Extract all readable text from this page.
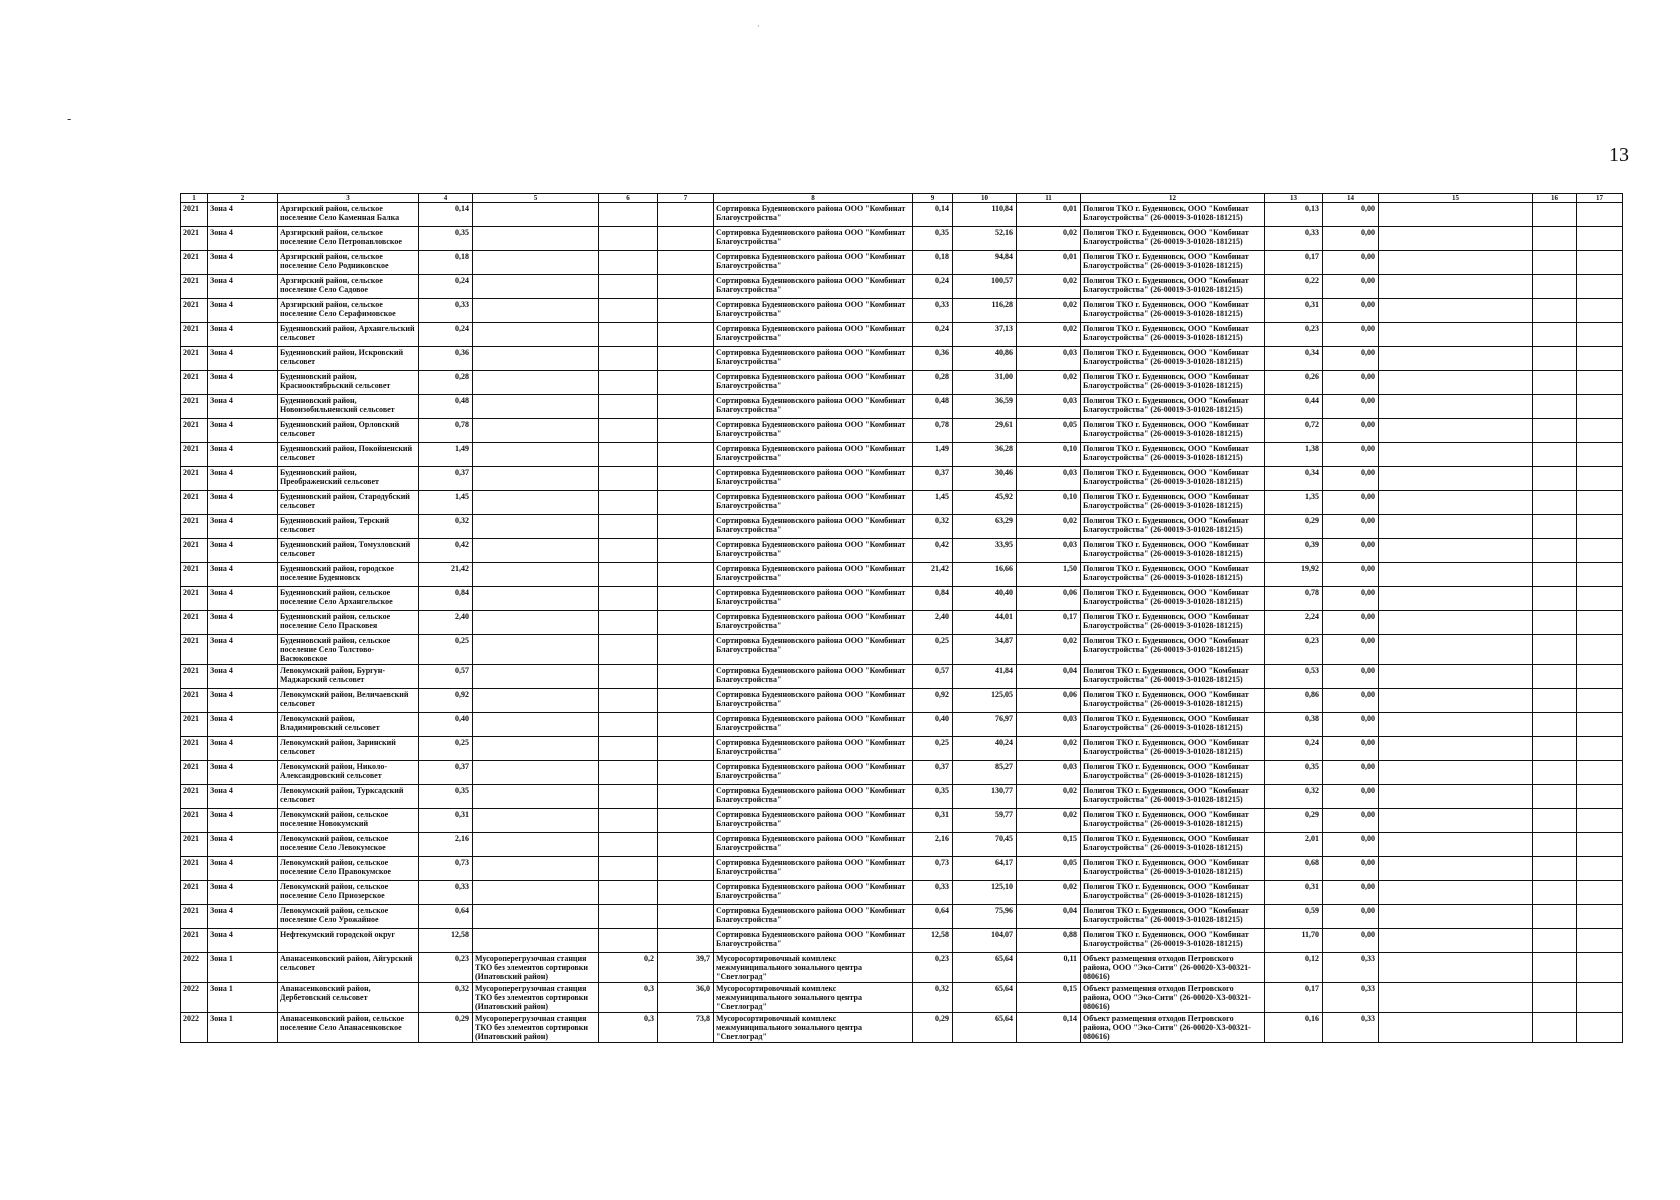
-
·
13
1	2	3	4	5	6	7	8	9	10	11	12	13	14	15	16	17
2021	Зона 4	Арзгирский район, сельское поселение Село Каменная Балка	0,14				Сортировка Буденновского района ООО "Комбинат Благоустройства"	0,14	110,84	0,01	Полигон ТКО г. Буденновск, ООО "Комбинат Благоустройства" (26-00019-З-01028-181215)	0,13	0,00			
2021	Зона 4	Арзгирский район, сельское поселение Село Петропавловское	0,35				Сортировка Буденновского района ООО "Комбинат Благоустройства"	0,35	52,16	0,02	Полигон ТКО г. Буденновск, ООО "Комбинат Благоустройства" (26-00019-З-01028-181215)	0,33	0,00			
2021	Зона 4	Арзгирский район, сельское поселение Село Родниковское	0,18				Сортировка Буденновского района ООО "Комбинат Благоустройства"	0,18	94,84	0,01	Полигон ТКО г. Буденновск, ООО "Комбинат Благоустройства" (26-00019-З-01028-181215)	0,17	0,00			
2021	Зона 4	Арзгирский район, сельское поселение Село Садовое	0,24				Сортировка Буденновского района ООО "Комбинат Благоустройства"	0,24	100,57	0,02	Полигон ТКО г. Буденновск, ООО "Комбинат Благоустройства" (26-00019-З-01028-181215)	0,22	0,00			
2021	Зона 4	Арзгирский район, сельское поселение Село Серафимовское	0,33				Сортировка Буденновского района ООО "Комбинат Благоустройства"	0,33	116,28	0,02	Полигон ТКО г. Буденновск, ООО "Комбинат Благоустройства" (26-00019-З-01028-181215)	0,31	0,00			
2021	Зона 4	Буденновский район, Архангельский сельсовет	0,24				Сортировка Буденновского района ООО "Комбинат Благоустройства"	0,24	37,13	0,02	Полигон ТКО г. Буденновск, ООО "Комбинат Благоустройства" (26-00019-З-01028-181215)	0,23	0,00			
2021	Зона 4	Буденновский район, Искровский сельсовет	0,36				Сортировка Буденновского района ООО "Комбинат Благоустройства"	0,36	40,86	0,03	Полигон ТКО г. Буденновск, ООО "Комбинат Благоустройства" (26-00019-З-01028-181215)	0,34	0,00			
2021	Зона 4	Буденновский район, Красноoктябрьский сельсовет	0,28				Сортировка Буденновского района ООО "Комбинат Благоустройства"	0,28	31,00	0,02	Полигон ТКО г. Буденновск, ООО "Комбинат Благоустройства" (26-00019-З-01028-181215)	0,26	0,00			
2021	Зона 4	Буденновский район, Новоизобильненский сельсовет	0,48				Сортировка Буденновского района ООО "Комбинат Благоустройства"	0,48	36,59	0,03	Полигон ТКО г. Буденновск, ООО "Комбинат Благоустройства" (26-00019-З-01028-181215)	0,44	0,00			
2021	Зона 4	Буденновский район, Орловский сельсовет	0,78				Сортировка Буденновского района ООО "Комбинат Благоустройства"	0,78	29,61	0,05	Полигон ТКО г. Буденновск, ООО "Комбинат Благоустройства" (26-00019-З-01028-181215)	0,72	0,00			
2021	Зона 4	Буденновский район, Покойненский сельсовет	1,49				Сортировка Буденновского района ООО "Комбинат Благоустройства"	1,49	36,28	0,10	Полигон ТКО г. Буденновск, ООО "Комбинат Благоустройства" (26-00019-З-01028-181215)	1,38	0,00			
2021	Зона 4	Буденновский район, Преображенский сельсовет	0,37				Сортировка Буденновского района ООО "Комбинат Благоустройства"	0,37	30,46	0,03	Полигон ТКО г. Буденновск, ООО "Комбинат Благоустройства" (26-00019-З-01028-181215)	0,34	0,00			
2021	Зона 4	Буденновский район, Стародубский сельсовет	1,45				Сортировка Буденновского района ООО "Комбинат Благоустройства"	1,45	45,92	0,10	Полигон ТКО г. Буденновск, ООО "Комбинат Благоустройства" (26-00019-З-01028-181215)	1,35	0,00			
2021	Зона 4	Буденновский район, Терский сельсовет	0,32				Сортировка Буденновского района ООО "Комбинат Благоустройства"	0,32	63,29	0,02	Полигон ТКО г. Буденновск, ООО "Комбинат Благоустройства" (26-00019-З-01028-181215)	0,29	0,00			
2021	Зона 4	Буденновский район, Томузловский сельсовет	0,42				Сортировка Буденновского района ООО "Комбинат Благоустройства"	0,42	33,95	0,03	Полигон ТКО г. Буденновск, ООО "Комбинат Благоустройства" (26-00019-З-01028-181215)	0,39	0,00			
2021	Зона 4	Буденновский район, городское поселение Буденновск	21,42				Сортировка Буденновского района ООО "Комбинат Благоустройства"	21,42	16,66	1,50	Полигон ТКО г. Буденновск, ООО "Комбинат Благоустройства" (26-00019-З-01028-181215)	19,92	0,00			
2021	Зона 4	Буденновский район, сельское поселение Село Архангельское	0,84				Сортировка Буденновского района ООО "Комбинат Благоустройства"	0,84	40,40	0,06	Полигон ТКО г. Буденновск, ООО "Комбинат Благоустройства" (26-00019-З-01028-181215)	0,78	0,00			
2021	Зона 4	Буденновский район, сельское поселение Село Прасковея	2,40				Сортировка Буденновского района ООО "Комбинат Благоустройства"	2,40	44,01	0,17	Полигон ТКО г. Буденновск, ООО "Комбинат Благоустройства" (26-00019-З-01028-181215)	2,24	0,00			
2021	Зона 4	Буденновский район, сельское поселение Село Толстово-Васюковское	0,25				Сортировка Буденновского района ООО "Комбинат Благоустройства"	0,25	34,87	0,02	Полигон ТКО г. Буденновск, ООО "Комбинат Благоустройства" (26-00019-З-01028-181215)	0,23	0,00			
2021	Зона 4	Левокумский район, Бургун-Маджарский сельсовет	0,57				Сортировка Буденновского района ООО "Комбинат Благоустройства"	0,57	41,84	0,04	Полигон ТКО г. Буденновск, ООО "Комбинат Благоустройства" (26-00019-З-01028-181215)	0,53	0,00			
2021	Зона 4	Левокумский район, Величаевский сельсовет	0,92				Сортировка Буденновского района ООО "Комбинат Благоустройства"	0,92	125,05	0,06	Полигон ТКО г. Буденновск, ООО "Комбинат Благоустройства" (26-00019-З-01028-181215)	0,86	0,00			
2021	Зона 4	Левокумский район, Владимировский сельсовет	0,40				Сортировка Буденновского района ООО "Комбинат Благоустройства"	0,40	76,97	0,03	Полигон ТКО г. Буденновск, ООО "Комбинат Благоустройства" (26-00019-З-01028-181215)	0,38	0,00			
2021	Зона 4	Левокумский район, Заринский сельсовет	0,25				Сортировка Буденновского района ООО "Комбинат Благоустройства"	0,25	40,24	0,02	Полигон ТКО г. Буденновск, ООО "Комбинат Благоустройства" (26-00019-З-01028-181215)	0,24	0,00			
2021	Зона 4	Левокумский район, Николо-Александровский сельсовет	0,37				Сортировка Буденновского района ООО "Комбинат Благоустройства"	0,37	85,27	0,03	Полигон ТКО г. Буденновск, ООО "Комбинат Благоустройства" (26-00019-З-01028-181215)	0,35	0,00			
2021	Зона 4	Левокумский район, Турксадский сельсовет	0,35				Сортировка Буденновского района ООО "Комбинат Благоустройства"	0,35	130,77	0,02	Полигон ТКО г. Буденновск, ООО "Комбинат Благоустройства" (26-00019-З-01028-181215)	0,32	0,00			
2021	Зона 4	Левокумский район, сельское поселение Новокумский	0,31				Сортировка Буденновского района ООО "Комбинат Благоустройства"	0,31	59,77	0,02	Полигон ТКО г. Буденновск, ООО "Комбинат Благоустройства" (26-00019-З-01028-181215)	0,29	0,00			
2021	Зона 4	Левокумский район, сельское поселение Село Левокумское	2,16				Сортировка Буденновского района ООО "Комбинат Благоустройства"	2,16	70,45	0,15	Полигон ТКО г. Буденновск, ООО "Комбинат Благоустройства" (26-00019-З-01028-181215)	2,01	0,00			
2021	Зона 4	Левокумский район, сельское поселение Село Правокумское	0,73				Сортировка Буденновского района ООО "Комбинат Благоустройства"	0,73	64,17	0,05	Полигон ТКО г. Буденновск, ООО "Комбинат Благоустройства" (26-00019-З-01028-181215)	0,68	0,00			
2021	Зона 4	Левокумский район, сельское поселение Село Приозерское	0,33				Сортировка Буденновского района ООО "Комбинат Благоустройства"	0,33	125,10	0,02	Полигон ТКО г. Буденновск, ООО "Комбинат Благоустройства" (26-00019-З-01028-181215)	0,31	0,00			
2021	Зона 4	Левокумский район, сельское поселение Село Урожайное	0,64				Сортировка Буденновского района ООО "Комбинат Благоустройства"	0,64	75,96	0,04	Полигон ТКО г. Буденновск, ООО "Комбинат Благоустройства" (26-00019-З-01028-181215)	0,59	0,00			
2021	Зона 4	Нефтекумский городской округ	12,58				Сортировка Буденновского района ООО "Комбинат Благоустройства"	12,58	104,07	0,88	Полигон ТКО г. Буденновск, ООО "Комбинат Благоустройства" (26-00019-З-01028-181215)	11,70	0,00			
2022	Зона 1	Апанасенковский район, Айгурский сельсовет	0,23	Мусороперегрузочная станция ТКО без элементов сортировки (Ипатовский район)	0,2	39,7	Мусоросортировочный комплекс межмуниципального зонального центра "Светлоград"	0,23	65,64	0,11	Объект размещения отходов Петровского района, ООО "Эко-Сити" (26-00020-Х3-00321-080616)	0,12	0,33			
2022	Зона 1	Апанасенковский район, Дербетовский сельсовет	0,32	Мусороперегрузочная станция ТКО без элементов сортировки (Ипатовский район)	0,3	36,0	Мусоросортировочный комплекс межмуниципального зонального центра "Светлоград"	0,32	65,64	0,15	Объект размещения отходов Петровского района, ООО "Эко-Сити" (26-00020-Х3-00321-080616)	0,17	0,33			
2022	Зона 1	Апанасенковский район, сельское поселение Село Апанасенковское	0,29	Мусороперегрузочная станция ТКО без элементов сортировки (Ипатовский район)	0,3	73,8	Мусоросортировочный комплекс межмуниципального зонального центра "Светлоград"	0,29	65,64	0,14	Объект размещения отходов Петровского района, ООО "Эко-Сити" (26-00020-Х3-00321-080616)	0,16	0,33			
